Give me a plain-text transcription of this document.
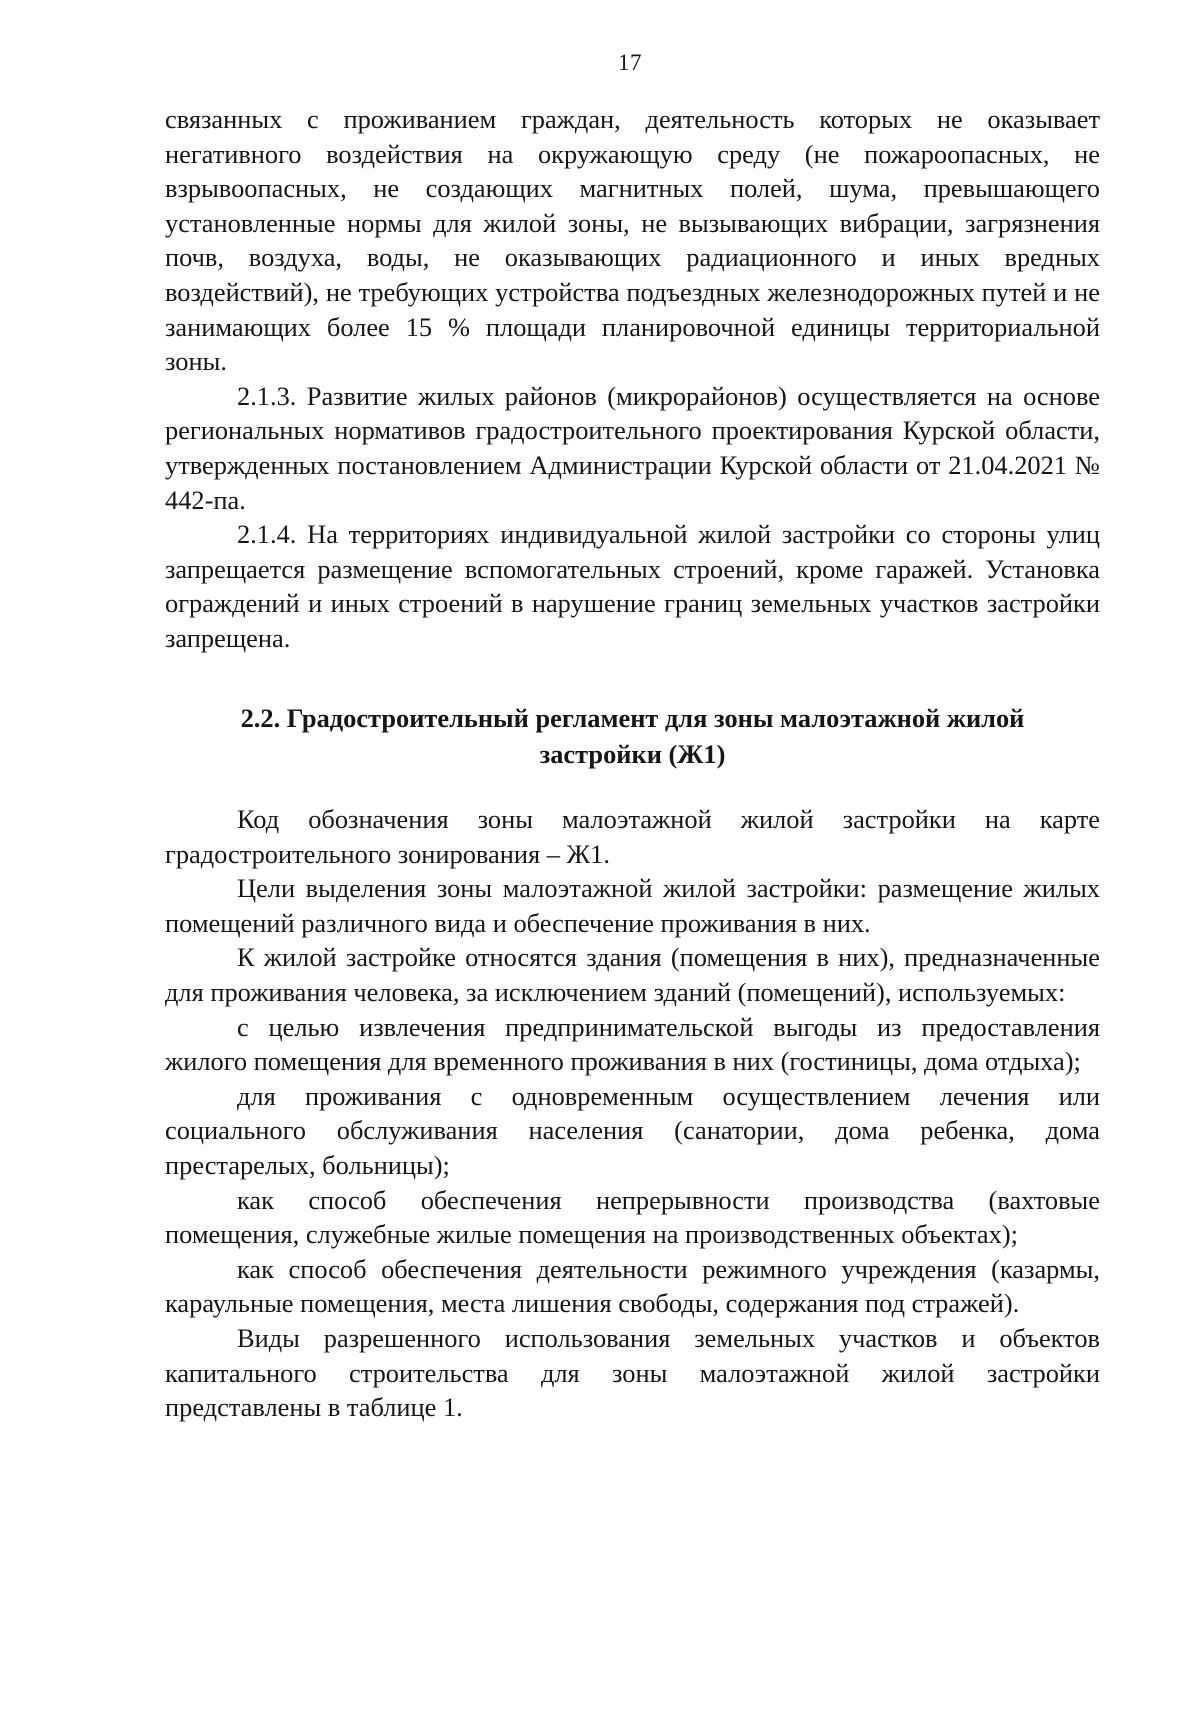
17

связанных с проживанием граждан, деятельность которых не оказывает негативного воздействия на окружающую среду (не пожароопасных, не взрывоопасных, не создающих магнитных полей, шума, превышающего установленные нормы для жилой зоны, не вызывающих вибрации, загрязнения почв, воздуха, воды, не оказывающих радиационного и иных вредных воздействий), не требующих устройства подъездных железнодорожных путей и не занимающих более 15 % площади планировочной единицы территориальной зоны.

2.1.3. Развитие жилых районов (микрорайонов) осуществляется на основе региональных нормативов градостроительного проектирования Курской области, утвержденных постановлением Администрации Курской области от 21.04.2021 № 442-па.

2.1.4. На территориях индивидуальной жилой застройки со стороны улиц запрещается размещение вспомогательных строений, кроме гаражей. Установка ограждений и иных строений в нарушение границ земельных участков застройки запрещена.

2.2. Градостроительный регламент для зоны малоэтажной жилой
застройки (Ж1)

Код обозначения зоны малоэтажной жилой застройки на карте градостроительного зонирования – Ж1.

Цели выделения зоны малоэтажной жилой застройки: размещение жилых помещений различного вида и обеспечение проживания в них.

К жилой застройке относятся здания (помещения в них), предназначенные для проживания человека, за исключением зданий (помещений), используемых:

с целью извлечения предпринимательской выгоды из предоставления жилого помещения для временного проживания в них (гостиницы, дома отдыха);

для проживания с одновременным осуществлением лечения или социального обслуживания населения (санатории, дома ребенка, дома престарелых, больницы);

как способ обеспечения непрерывности производства (вахтовые помещения, служебные жилые помещения на производственных объектах);

как способ обеспечения деятельности режимного учреждения (казармы, караульные помещения, места лишения свободы, содержания под стражей).

Виды разрешенного использования земельных участков и объектов капитального строительства для зоны малоэтажной жилой застройки представлены в таблице 1.
